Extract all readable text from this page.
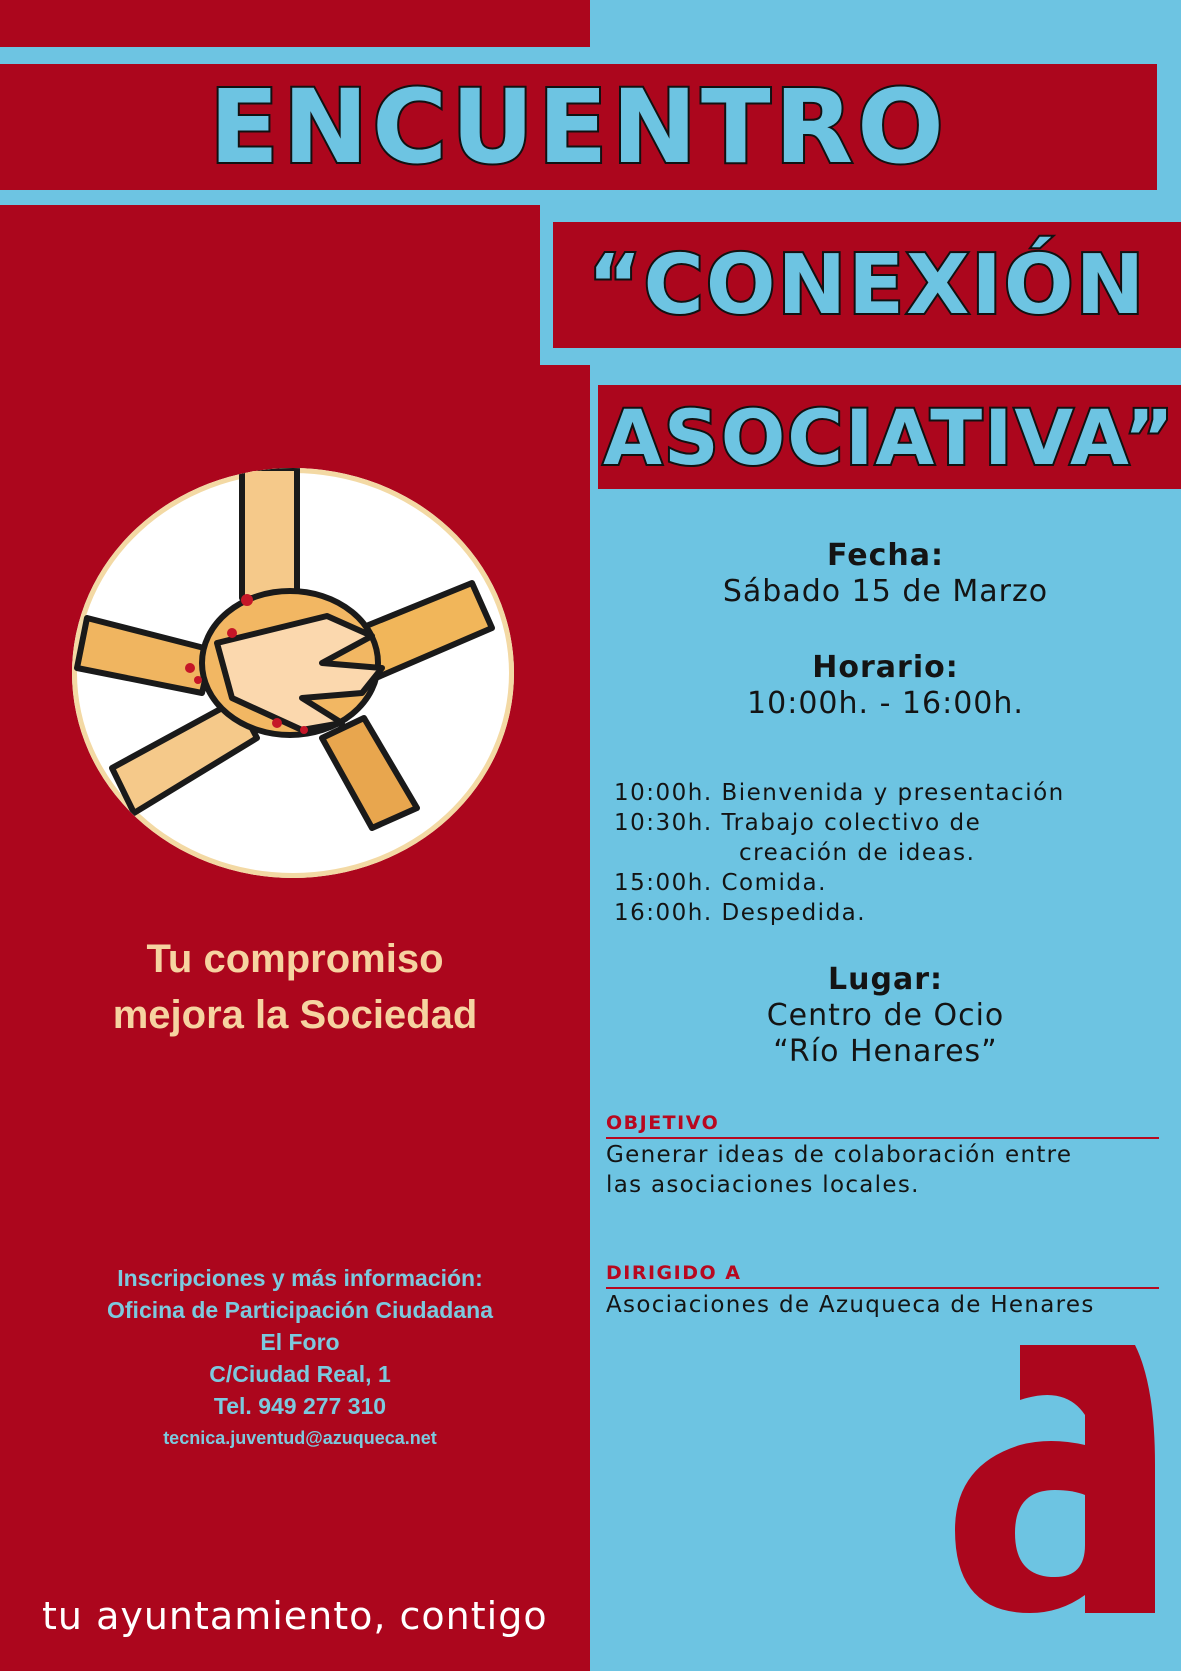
ENCUENTRO
“CONEXIÓN
ASOCIATIVA”
Tu compromiso
mejora la Sociedad
Inscripciones y más información:
Oficina de Participación Ciudadana
El Foro
C/Ciudad Real, 1
Tel. 949 277 310
tecnica.juventud@azuqueca.net
tu ayuntamiento, contigo
Fecha:
Sábado 15 de Marzo
Horario:
10:00h. - 16:00h.
10:00h. Bienvenida y presentación
10:30h. Trabajo colectivo de
creación de ideas.
15:00h. Comida.
16:00h. Despedida.
Lugar:
Centro de Ocio
“Río Henares”
OBJETIVO
Generar ideas de colaboración entre
las asociaciones locales.
DIRIGIDO A
Asociaciones de Azuqueca de Henares
